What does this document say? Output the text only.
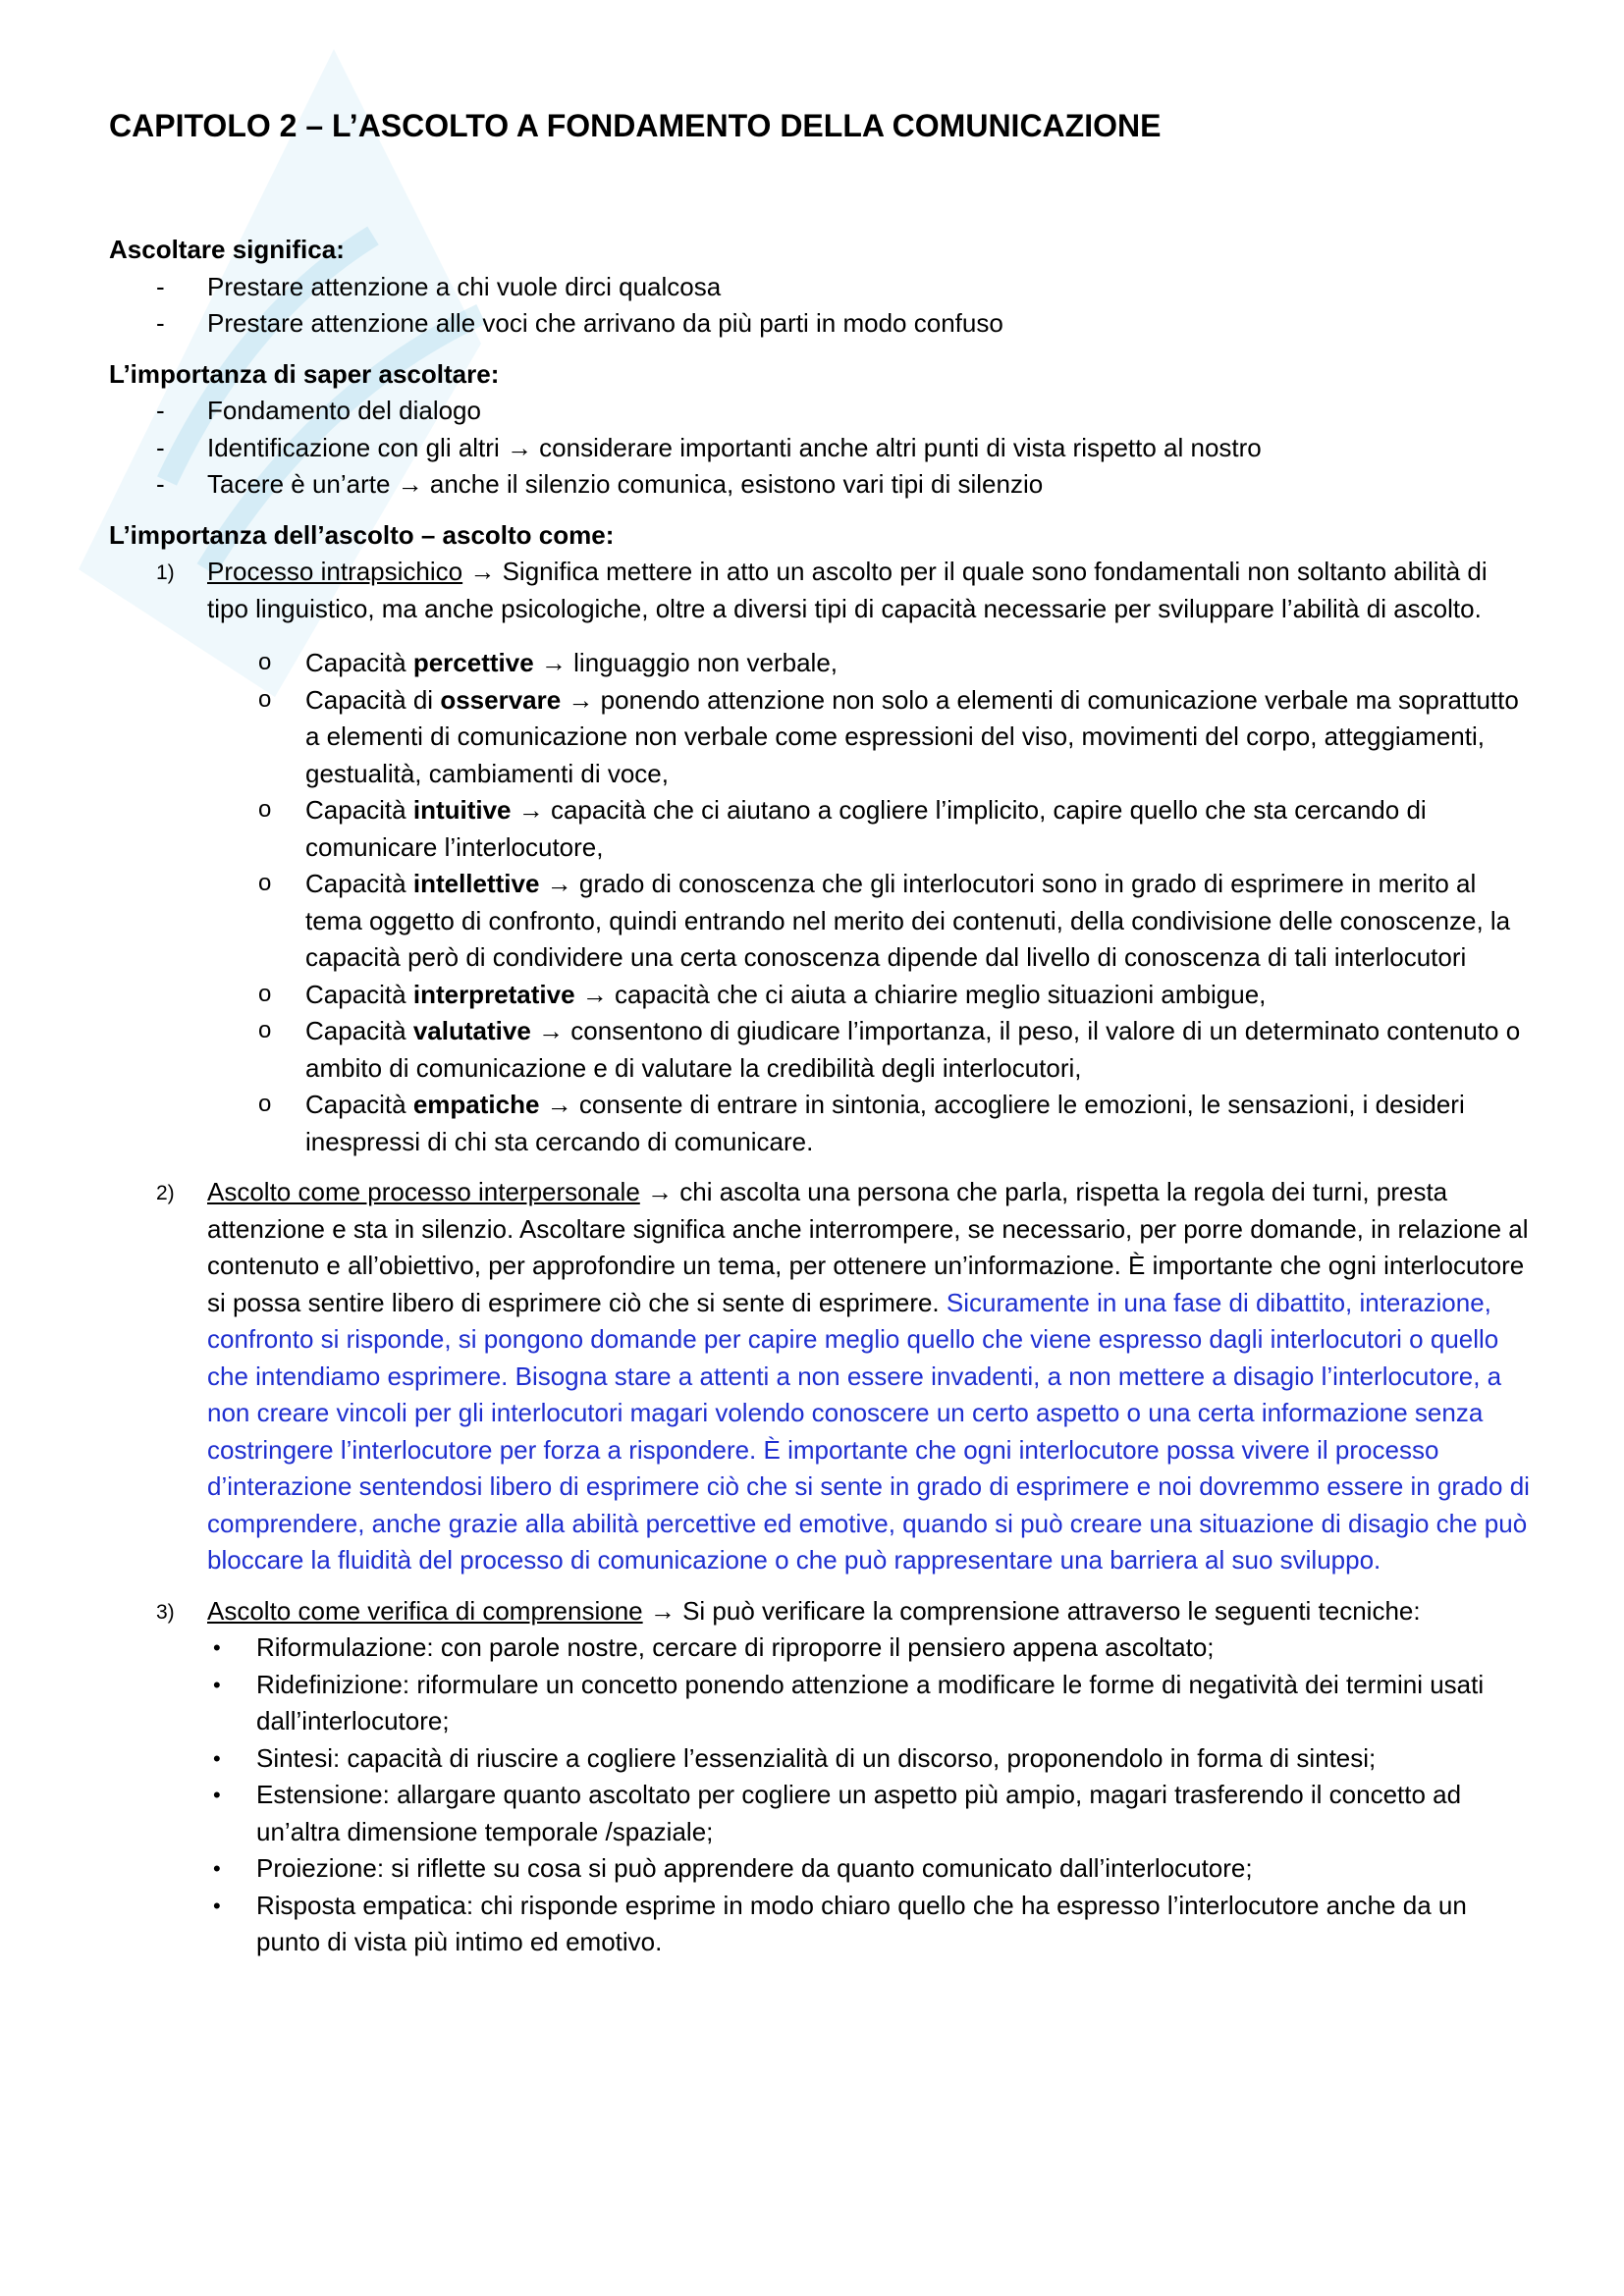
CAPITOLO 2 – L’ASCOLTO A FONDAMENTO DELLA COMUNICAZIONE

Ascoltare significa:

- Prestare attenzione a chi vuole dirci qualcosa
- Prestare attenzione alle voci che arrivano da più parti in modo confuso

L’importanza di saper ascoltare:

- Fondamento del dialogo
- Identificazione con gli altri → considerare importanti anche altri punti di vista rispetto al nostro
- Tacere è un’arte → anche il silenzio comunica, esistono vari tipi di silenzio

L’importanza dell’ascolto – ascolto come:

1) Processo intrapsichico → Significa mettere in atto un ascolto per il quale sono fondamentali non soltanto abilità di tipo linguistico, ma anche psicologiche, oltre a diversi tipi di capacità necessarie per sviluppare l’abilità di ascolto.
o Capacità percettive → linguaggio non verbale,
o Capacità di osservare → ponendo attenzione non solo a elementi di comunicazione verbale ma soprattutto a elementi di comunicazione non verbale come espressioni del viso, movimenti del corpo, atteggiamenti, gestualità, cambiamenti di voce,
o Capacità intuitive → capacità che ci aiutano a cogliere l’implicito, capire quello che sta cercando di comunicare l’interlocutore,
o Capacità intellettive → grado di conoscenza che gli interlocutori sono in grado di esprimere in merito al tema oggetto di confronto, quindi entrando nel merito dei contenuti, della condivisione delle conoscenze, la capacità però di condividere una certa conoscenza dipende dal livello di conoscenza di tali interlocutori
o Capacità interpretative → capacità che ci aiuta a chiarire meglio situazioni ambigue,
o Capacità valutative → consentono di giudicare l’importanza, il peso, il valore di un determinato contenuto o ambito di comunicazione e di valutare la credibilità degli interlocutori,
o Capacità empatiche → consente di entrare in sintonia, accogliere le emozioni, le sensazioni, i desideri inespressi di chi sta cercando di comunicare.
2) Ascolto come processo interpersonale → chi ascolta una persona che parla, rispetta la regola dei turni, presta attenzione e sta in silenzio. Ascoltare significa anche interrompere, se necessario, per porre domande, in relazione al contenuto e all’obiettivo, per approfondire un tema, per ottenere un’informazione. È importante che ogni interlocutore si possa sentire libero di esprimere ciò che si sente di esprimere. Sicuramente in una fase di dibattito, interazione, confronto si risponde, si pongono domande per capire meglio quello che viene espresso dagli interlocutori o quello che intendiamo esprimere. Bisogna stare a attenti a non essere invadenti, a non mettere a disagio l’interlocutore, a non creare vincoli per gli interlocutori magari volendo conoscere un certo aspetto o una certa informazione senza costringere l’interlocutore per forza a rispondere. È importante che ogni interlocutore possa vivere il processo d’interazione sentendosi libero di esprimere ciò che si sente in grado di esprimere e noi dovremmo essere in grado di comprendere, anche grazie alla abilità percettive ed emotive, quando si può creare una situazione di disagio che può bloccare la fluidità del processo di comunicazione o che può rappresentare una barriera al suo sviluppo.
3) Ascolto come verifica di comprensione → Si può verificare la comprensione attraverso le seguenti tecniche:
• Riformulazione: con parole nostre, cercare di riproporre il pensiero appena ascoltato;
• Ridefinizione: riformulare un concetto ponendo attenzione a modificare le forme di negatività dei termini usati dall’interlocutore;
• Sintesi: capacità di riuscire a cogliere l’essenzialità di un discorso, proponendolo in forma di sintesi;
• Estensione: allargare quanto ascoltato per cogliere un aspetto più ampio, magari trasferendo il concetto ad un’altra dimensione temporale /spaziale;
• Proiezione: si riflette su cosa si può apprendere da quanto comunicato dall’interlocutore;
• Risposta empatica: chi risponde esprime in modo chiaro quello che ha espresso l’interlocutore anche da un punto di vista più intimo ed emotivo.
